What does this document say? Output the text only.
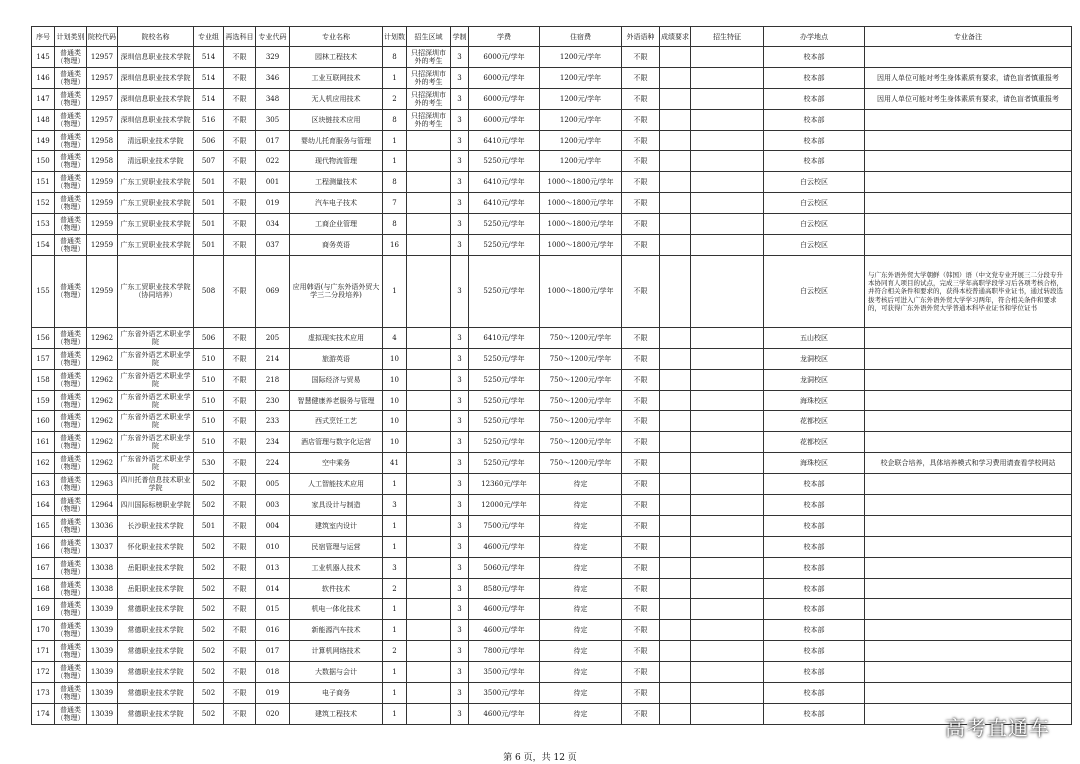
序号	计划类别	院校代码	院校名称	专业组	再选科目	专业代码	专业名称	计划数	招生区域	学制	学费	住宿费	外语语种	成绩要求	招生特征	办学地点	专业备注
145	普通类（物理）	12957	深圳信息职业技术学院	514	不限	329	园林工程技术	8	只招深圳市外的考生	3	6000元/学年	1200元/学年	不限			校本部	
146	普通类（物理）	12957	深圳信息职业技术学院	514	不限	346	工业互联网技术	1	只招深圳市外的考生	3	6000元/学年	1200元/学年	不限			校本部	因用人单位可能对考生身体素质有要求，请色盲者慎重报考
147	普通类（物理）	12957	深圳信息职业技术学院	514	不限	348	无人机应用技术	2	只招深圳市外的考生	3	6000元/学年	1200元/学年	不限			校本部	因用人单位可能对考生身体素质有要求，请色盲者慎重报考
148	普通类（物理）	12957	深圳信息职业技术学院	516	不限	305	区块链技术应用	8	只招深圳市外的考生	3	6000元/学年	1200元/学年	不限			校本部	
149	普通类（物理）	12958	清远职业技术学院	506	不限	017	婴幼儿托育服务与管理	1		3	6410元/学年	1200元/学年	不限			校本部	
150	普通类（物理）	12958	清远职业技术学院	507	不限	022	现代物流管理	1		3	5250元/学年	1200元/学年	不限			校本部	
151	普通类（物理）	12959	广东工贸职业技术学院	501	不限	001	工程测量技术	8		3	6410元/学年	1000～1800元/学年	不限			白云校区	
152	普通类（物理）	12959	广东工贸职业技术学院	501	不限	019	汽车电子技术	7		3	6410元/学年	1000～1800元/学年	不限			白云校区	
153	普通类（物理）	12959	广东工贸职业技术学院	501	不限	034	工商企业管理	8		3	5250元/学年	1000～1800元/学年	不限			白云校区	
154	普通类（物理）	12959	广东工贸职业技术学院	501	不限	037	商务英语	16		3	5250元/学年	1000～1800元/学年	不限			白云校区	
155	普通类（物理）	12959	广东工贸职业技术学院（协同培养）	508	不限	069	应用韩语(与广东外语外贸大学三二分段培养)	1		3	5250元/学年	1000～1800元/学年	不限			白云校区	与广东外语外贸大学朝鲜（韩国）语（中文党专业开展三二分段专升本协同育人项目的试点，完成三学年高职学段学习后各项考核合格，并符合相关条件和要求的，获得本校普通高职毕业证书，通过转段选拔考核后可进入广东外语外贸大学学习两年，符合相关条件和要求的，可获得广东外语外贸大学普通本科毕业证书和学位证书
156	普通类（物理）	12962	广东省外语艺术职业学院	506	不限	205	虚拟现实技术应用	4		3	6410元/学年	750～1200元/学年	不限			五山校区	
157	普通类（物理）	12962	广东省外语艺术职业学院	510	不限	214	旅游英语	10		3	5250元/学年	750～1200元/学年	不限			龙洞校区	
158	普通类（物理）	12962	广东省外语艺术职业学院	510	不限	218	国际经济与贸易	10		3	5250元/学年	750～1200元/学年	不限			龙洞校区	
159	普通类（物理）	12962	广东省外语艺术职业学院	510	不限	230	智慧健康养老服务与管理	10		3	5250元/学年	750～1200元/学年	不限			海珠校区	
160	普通类（物理）	12962	广东省外语艺术职业学院	510	不限	233	西式烹饪工艺	10		3	5250元/学年	750～1200元/学年	不限			花都校区	
161	普通类（物理）	12962	广东省外语艺术职业学院	510	不限	234	酒店管理与数字化运营	10		3	5250元/学年	750～1200元/学年	不限			花都校区	
162	普通类（物理）	12962	广东省外语艺术职业学院	530	不限	224	空中乘务	41		3	5250元/学年	750～1200元/学年	不限			海珠校区	校企联合培养，具体培养模式和学习费用请查看学校网站
163	普通类（物理）	12963	四川托普信息技术职业学院	502	不限	005	人工智能技术应用	1		3	12360元/学年	待定	不限			校本部	
164	普通类（物理）	12964	四川国际标榜职业学院	502	不限	003	家具设计与制造	3		3	12000元/学年	待定	不限			校本部	
165	普通类（物理）	13036	长沙职业技术学院	501	不限	004	建筑室内设计	1		3	7500元/学年	待定	不限			校本部	
166	普通类（物理）	13037	怀化职业技术学院	502	不限	010	民宿管理与运营	1		3	4600元/学年	待定	不限			校本部	
167	普通类（物理）	13038	岳阳职业技术学院	502	不限	013	工业机器人技术	3		3	5060元/学年	待定	不限			校本部	
168	普通类（物理）	13038	岳阳职业技术学院	502	不限	014	软件技术	2		3	8580元/学年	待定	不限			校本部	
169	普通类（物理）	13039	常德职业技术学院	502	不限	015	机电一体化技术	1		3	4600元/学年	待定	不限			校本部	
170	普通类（物理）	13039	常德职业技术学院	502	不限	016	新能源汽车技术	1		3	4600元/学年	待定	不限			校本部	
171	普通类（物理）	13039	常德职业技术学院	502	不限	017	计算机网络技术	2		3	7800元/学年	待定	不限			校本部	
172	普通类（物理）	13039	常德职业技术学院	502	不限	018	大数据与会计	1		3	3500元/学年	待定	不限			校本部	
173	普通类（物理）	13039	常德职业技术学院	502	不限	019	电子商务	1		3	3500元/学年	待定	不限			校本部	
174	普通类（物理）	13039	常德职业技术学院	502	不限	020	建筑工程技术	1		3	4600元/学年	待定	不限			校本部	
第 6 页，共 12 页
高考直通车
